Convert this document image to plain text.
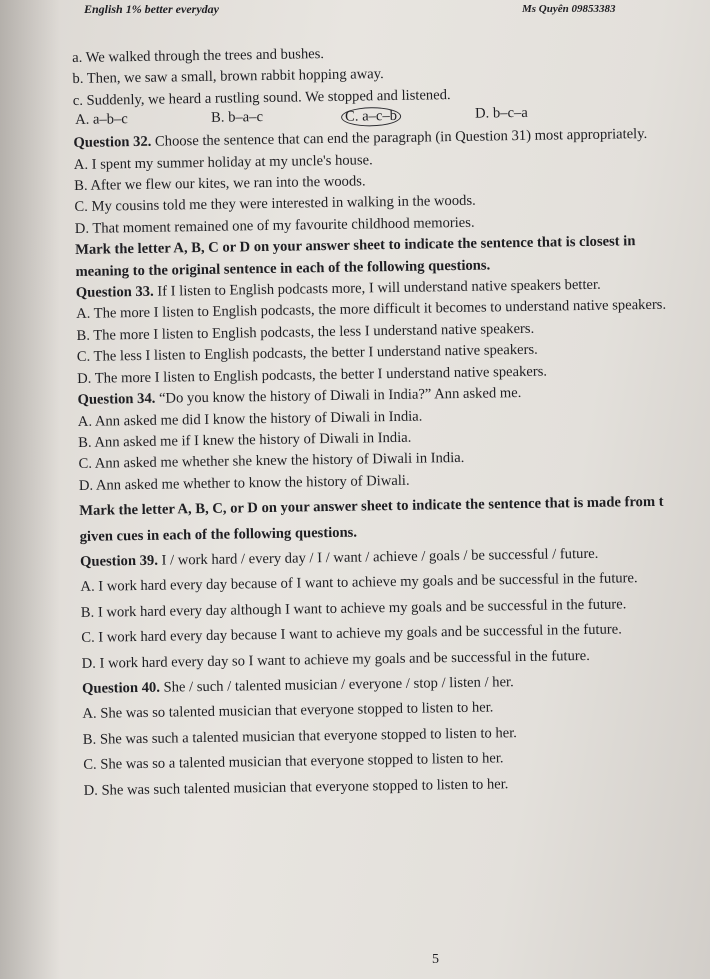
English 1% better everyday	Ms Quyên 09853383
a. We walked through the trees and bushes.
b. Then, we saw a small, brown rabbit hopping away.
c. Suddenly, we heard a rustling sound. We stopped and listened.
A. a–b–c	B. b–a–c	C. a–c–b	D. b–c–a
Question 32. Choose the sentence that can end the paragraph (in Question 31) most appropriately.
A. I spent my summer holiday at my uncle's house.
B. After we flew our kites, we ran into the woods.
C. My cousins told me they were interested in walking in the woods.
D. That moment remained one of my favourite childhood memories.
Mark the letter A, B, C or D on your answer sheet to indicate the sentence that is closest in
meaning to the original sentence in each of the following questions.
Question 33. If I listen to English podcasts more, I will understand native speakers better.
A. The more I listen to English podcasts, the more difficult it becomes to understand native speakers.
B. The more I listen to English podcasts, the less I understand native speakers.
C. The less I listen to English podcasts, the better I understand native speakers.
D. The more I listen to English podcasts, the better I understand native speakers.
Question 34. “Do you know the history of Diwali in India?” Ann asked me.
A. Ann asked me did I know the history of Diwali in India.
B. Ann asked me if I knew the history of Diwali in India.
C. Ann asked me whether she knew the history of Diwali in India.
D. Ann asked me whether to know the history of Diwali.
Mark the letter A, B, C, or D on your answer sheet to indicate the sentence that is made from t
given cues in each of the following questions.
Question 39. I / work hard / every day / I / want / achieve / goals / be successful / future.
A. I work hard every day because of I want to achieve my goals and be successful in the future.
B. I work hard every day although I want to achieve my goals and be successful in the future.
C. I work hard every day because I want to achieve my goals and be successful in the future.
D. I work hard every day so I want to achieve my goals and be successful in the future.
Question 40. She / such / talented musician / everyone / stop / listen / her.
A. She was so talented musician that everyone stopped to listen to her.
B. She was such a talented musician that everyone stopped to listen to her.
C. She was so a talented musician that everyone stopped to listen to her.
D. She was such talented musician that everyone stopped to listen to her.
5
